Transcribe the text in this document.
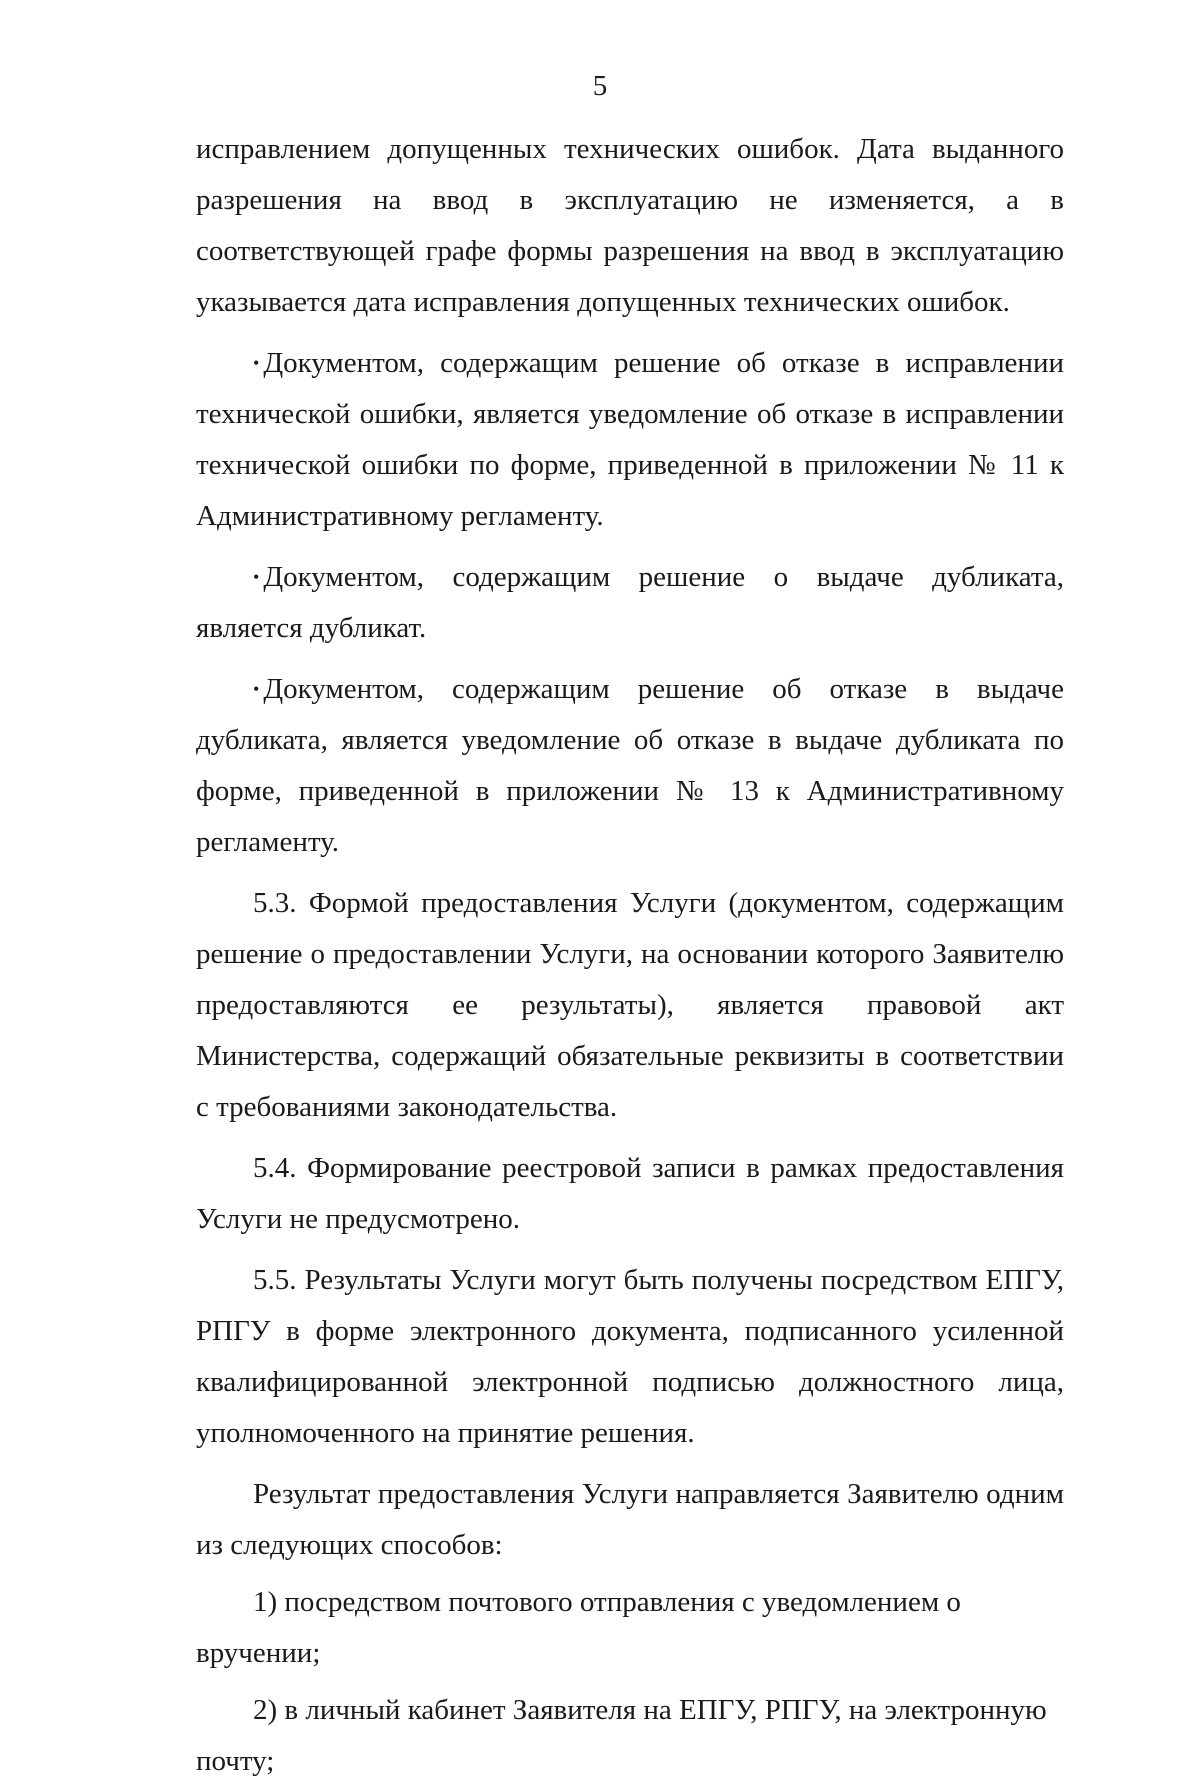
5

исправлением допущенных технических ошибок. Дата выданного разрешения на ввод в эксплуатацию не изменяется, а в соответствующей графе формы разрешения на ввод в эксплуатацию указывается дата исправления допущенных технических ошибок.

• Документом, содержащим решение об отказе в исправлении технической ошибки, является уведомление об отказе в исправлении технической ошибки по форме, приведенной в приложении № 11 к Административному регламенту.

• Документом, содержащим решение о выдаче дубликата, является дубликат.

• Документом, содержащим решение об отказе в выдаче дубликата, является уведомление об отказе в выдаче дубликата по форме, приведенной в приложении № 13 к Административному регламенту.

5.3. Формой предоставления Услуги (документом, содержащим решение о предоставлении Услуги, на основании которого Заявителю предоставляются ее результаты), является правовой акт Министерства, содержащий обязательные реквизиты в соответствии с требованиями законодательства.

5.4. Формирование реестровой записи в рамках предоставления Услуги не предусмотрено.

5.5. Результаты Услуги могут быть получены посредством ЕПГУ, РПГУ в форме электронного документа, подписанного усиленной квалифицированной электронной подписью должностного лица, уполномоченного на принятие решения.

Результат предоставления Услуги направляется Заявителю одним из следующих способов:

1) посредством почтового отправления с уведомлением о вручении;

2) в личный кабинет Заявителя на ЕПГУ, РПГУ, на электронную почту;
